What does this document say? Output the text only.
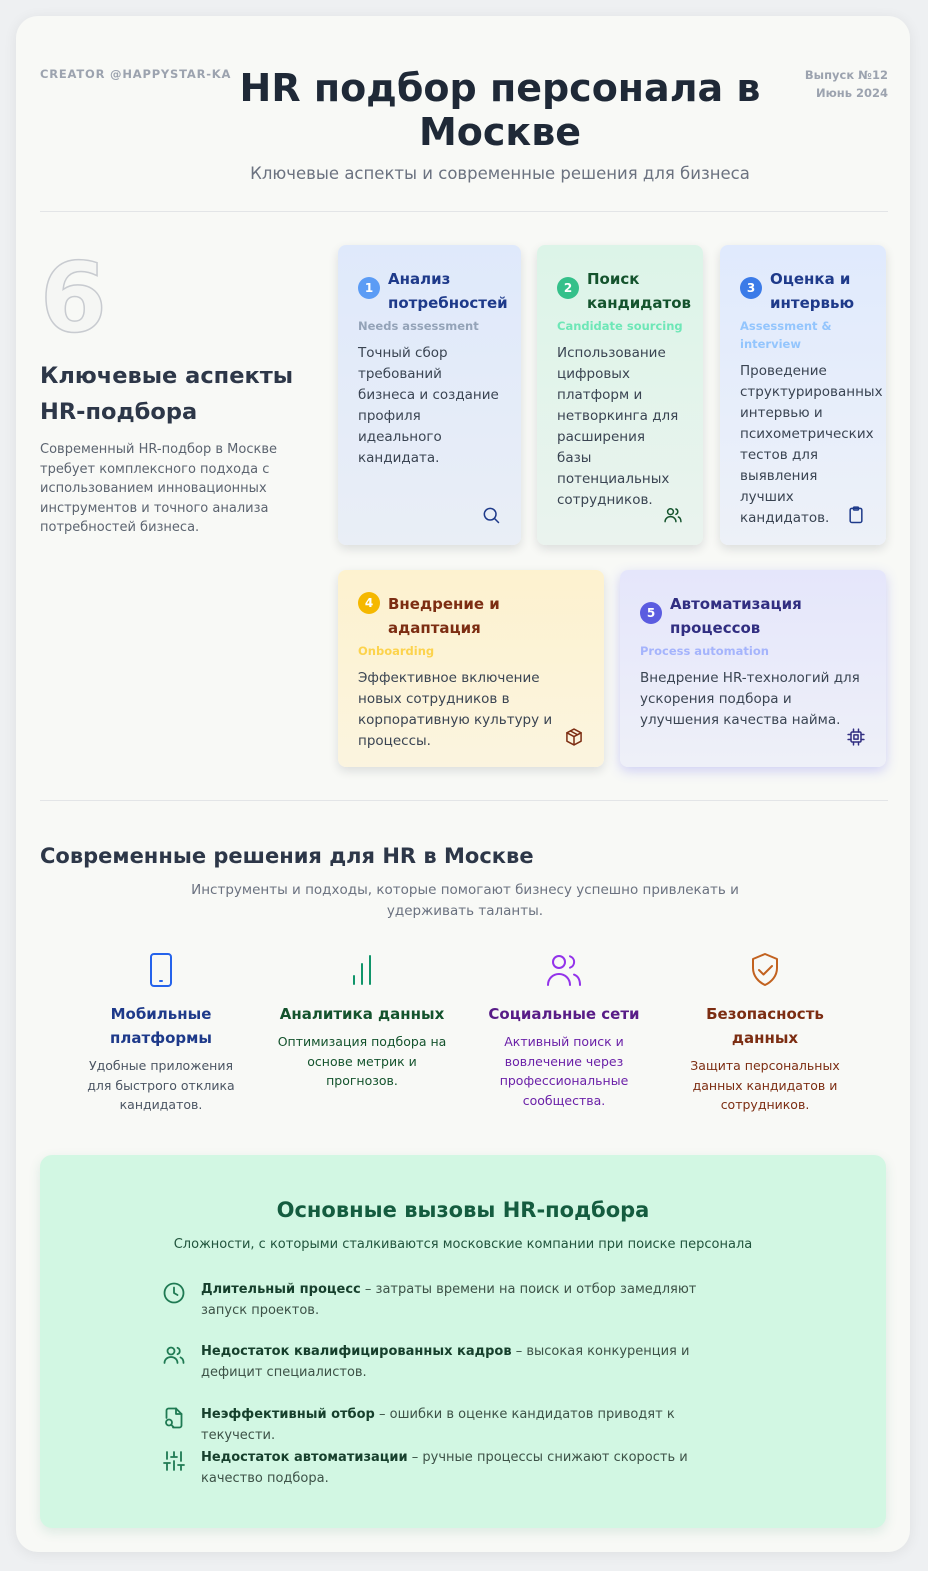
CREATOR @HAPPYSTAR-KA	Выпуск №12
Июнь 2024
HR подбор персонала в Москве
Ключевые аспекты и современные решения для бизнеса
6
Ключевые аспекты HR-подбора

Современный HR-подбор в Москве требует комплексного подхода с использованием инновационных инструментов и точного анализа потребностей бизнеса.

1 Анализ потребностей
Needs assessment
Точный сбор требований бизнеса и создание профиля идеального кандидата.
2 Поиск кандидатов
Candidate sourcing
Использование цифровых платформ и нетворкинга для расширения базы потенциальных сотрудников.
3 Оценка и интервью
Assessment & interview
Проведение структурированных интервью и психометрических тестов для выявления лучших кандидатов.
4 Внедрение и адаптация
Onboarding
Эффективное включение новых сотрудников в корпоративную культуру и процессы.
5 Автоматизация процессов
Process automation
Внедрение HR-технологий для ускорения подбора и улучшения качества найма.
Современные решения для HR в Москве

Инструменты и подходы, которые помогают бизнесу успешно привлекать и удерживать таланты.

Мобильные платформы
Удобные приложения для быстрого отклика кандидатов.
Аналитика данных
Оптимизация подбора на основе метрик и прогнозов.
Социальные сети
Активный поиск и вовлечение через профессиональные сообщества.
Безопасность данных
Защита персональных данных кандидатов и сотрудников.
Основные вызовы HR-подбора

Сложности, с которыми сталкиваются московские компании при поиске персонала

Длительный процесс – затраты времени на поиск и отбор замедляют запуск проектов.
Недостаток квалифицированных кадров – высокая конкуренция и дефицит специалистов.
Неэффективный отбор – ошибки в оценке кандидатов приводят к текучести.
Недостаток автоматизации – ручные процессы снижают скорость и качество подбора.
